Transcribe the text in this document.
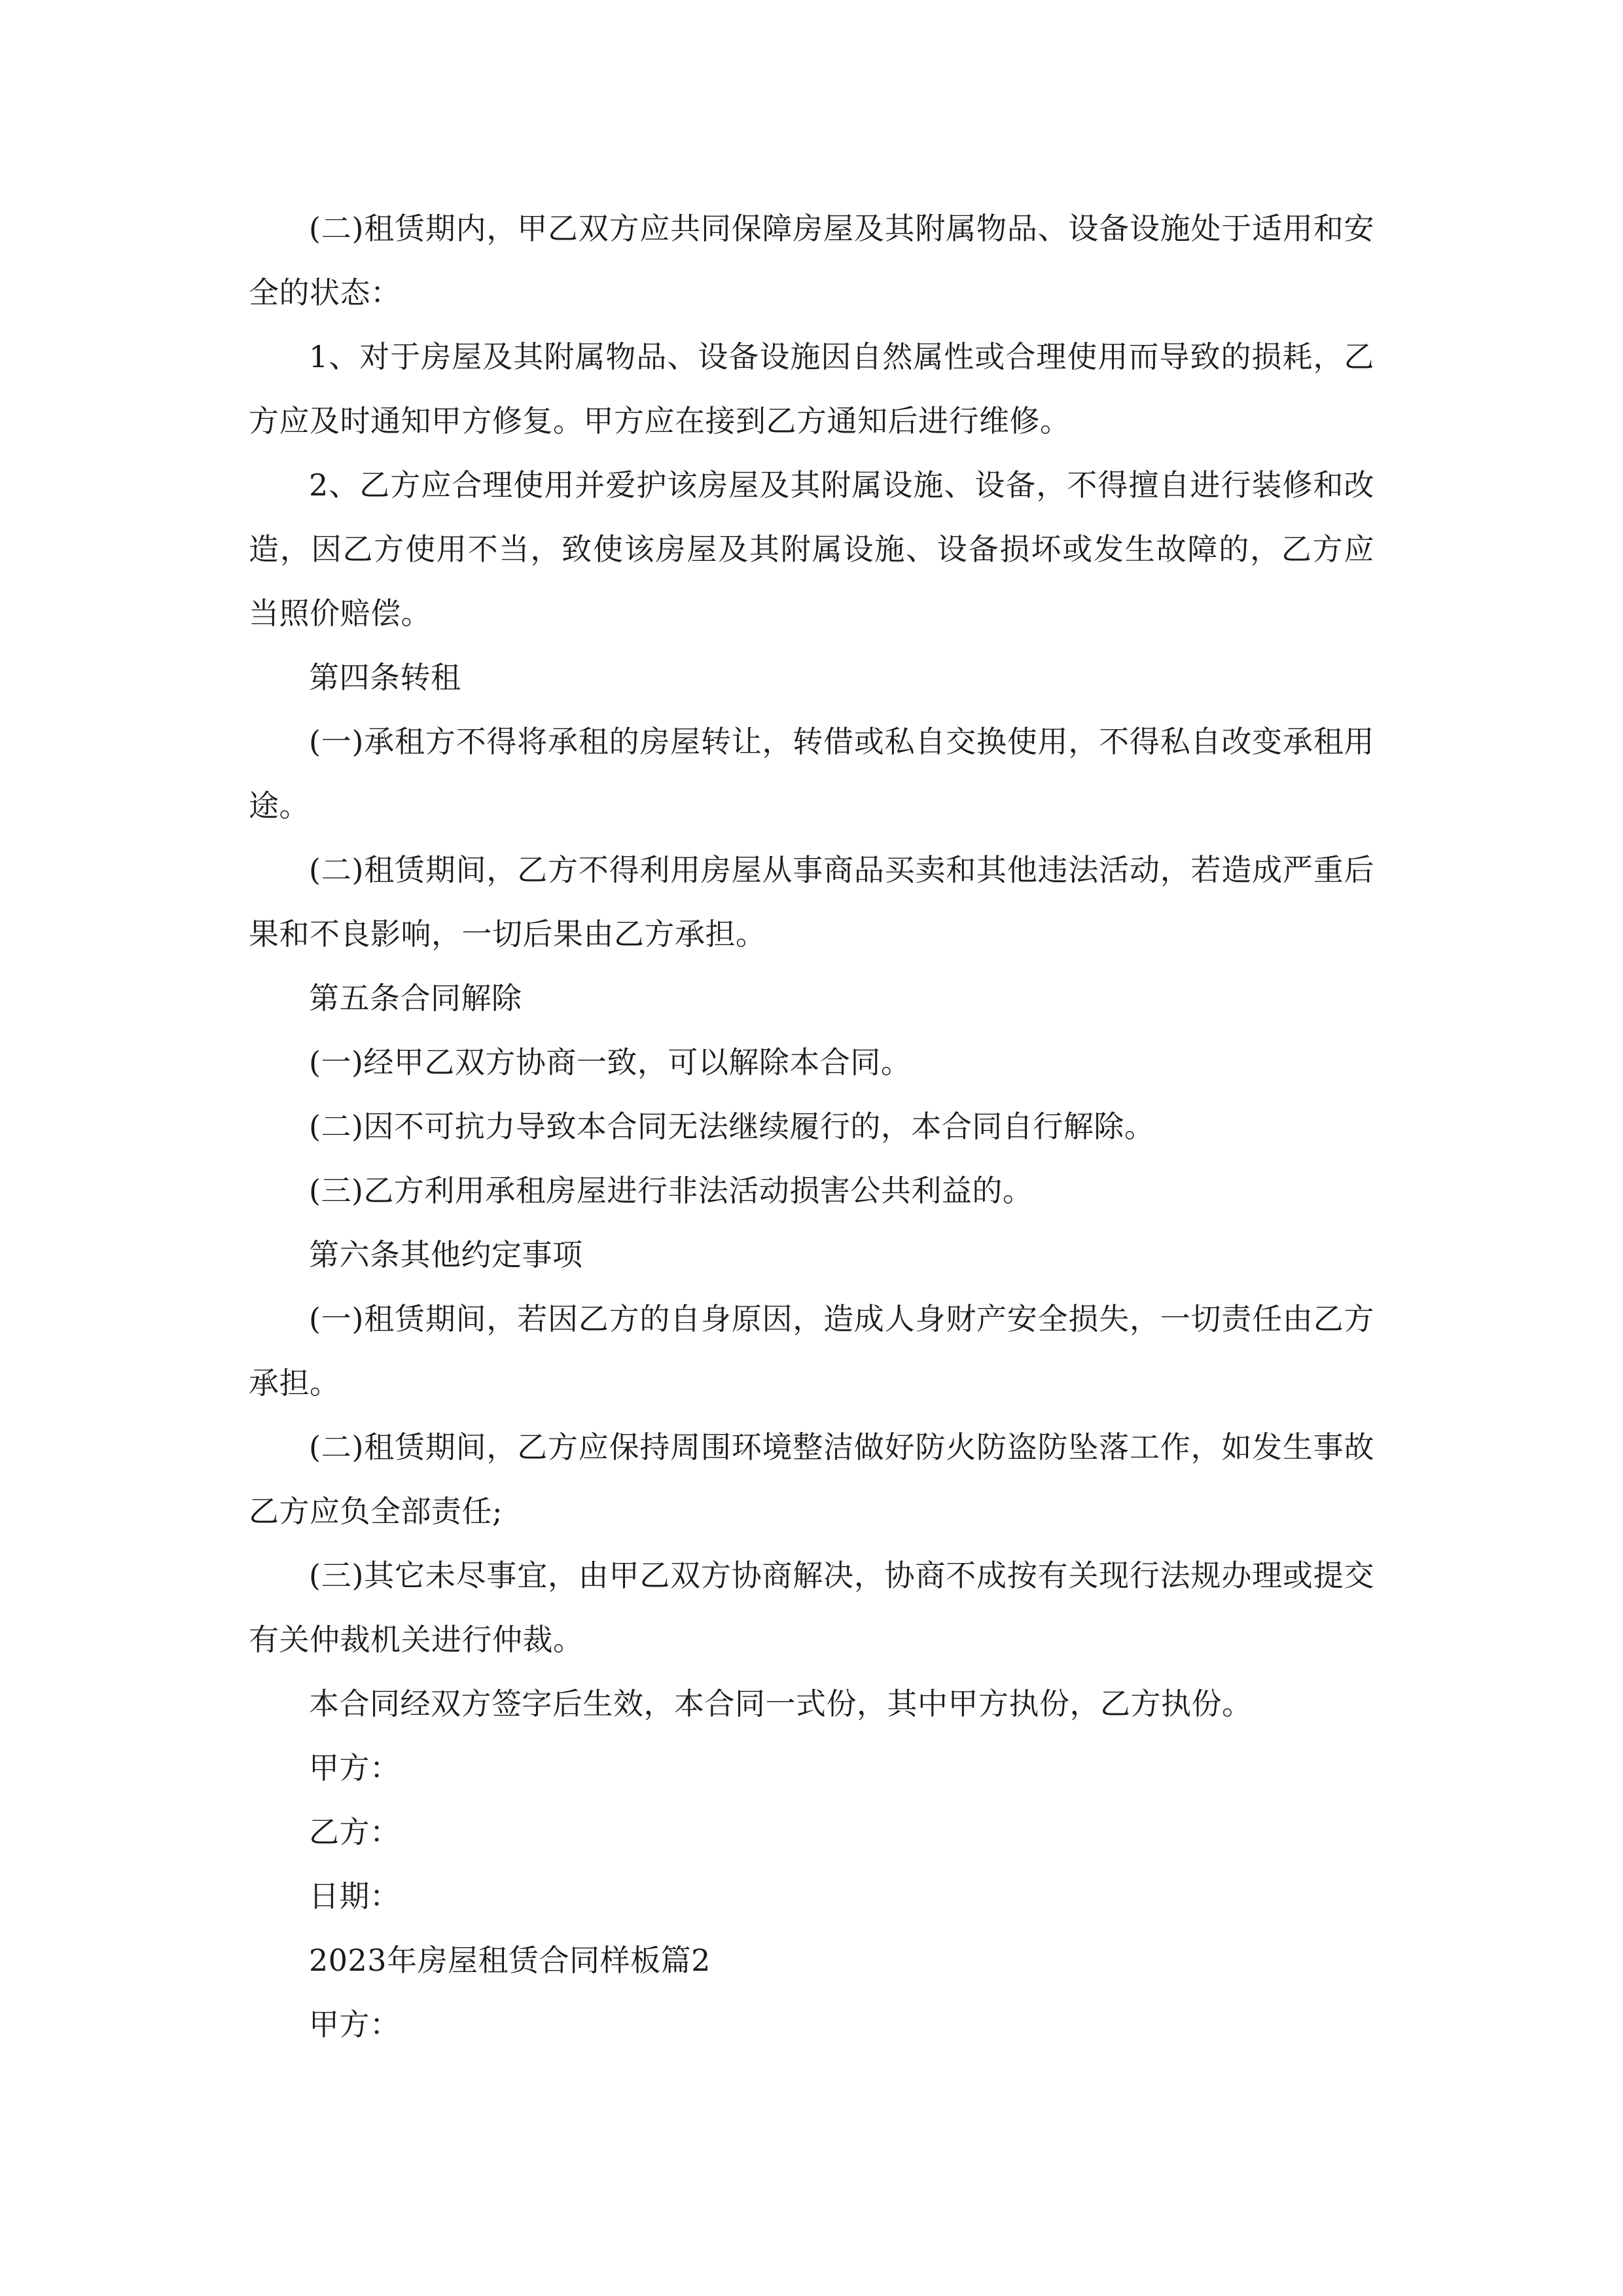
(二)租赁期内，甲乙双方应共同保障房屋及其附属物品、设备设施处于适用和安全的状态：

1、对于房屋及其附属物品、设备设施因自然属性或合理使用而导致的损耗，乙方应及时通知甲方修复。甲方应在接到乙方通知后进行维修。

2、乙方应合理使用并爱护该房屋及其附属设施、设备，不得擅自进行装修和改造，因乙方使用不当，致使该房屋及其附属设施、设备损坏或发生故障的，乙方应当照价赔偿。

第四条转租

(一)承租方不得将承租的房屋转让，转借或私自交换使用，不得私自改变承租用途。

(二)租赁期间，乙方不得利用房屋从事商品买卖和其他违法活动，若造成严重后果和不良影响，一切后果由乙方承担。

第五条合同解除

(一)经甲乙双方协商一致，可以解除本合同。

(二)因不可抗力导致本合同无法继续履行的，本合同自行解除。

(三)乙方利用承租房屋进行非法活动损害公共利益的。

第六条其他约定事项

(一)租赁期间，若因乙方的自身原因，造成人身财产安全损失，一切责任由乙方承担。

(二)租赁期间，乙方应保持周围环境整洁做好防火防盗防坠落工作，如发生事故乙方应负全部责任;

(三)其它未尽事宜，由甲乙双方协商解决，协商不成按有关现行法规办理或提交有关仲裁机关进行仲裁。

本合同经双方签字后生效，本合同一式份，其中甲方执份，乙方执份。

甲方：

乙方：

日期：

2023年房屋租赁合同样板篇2

甲方：
